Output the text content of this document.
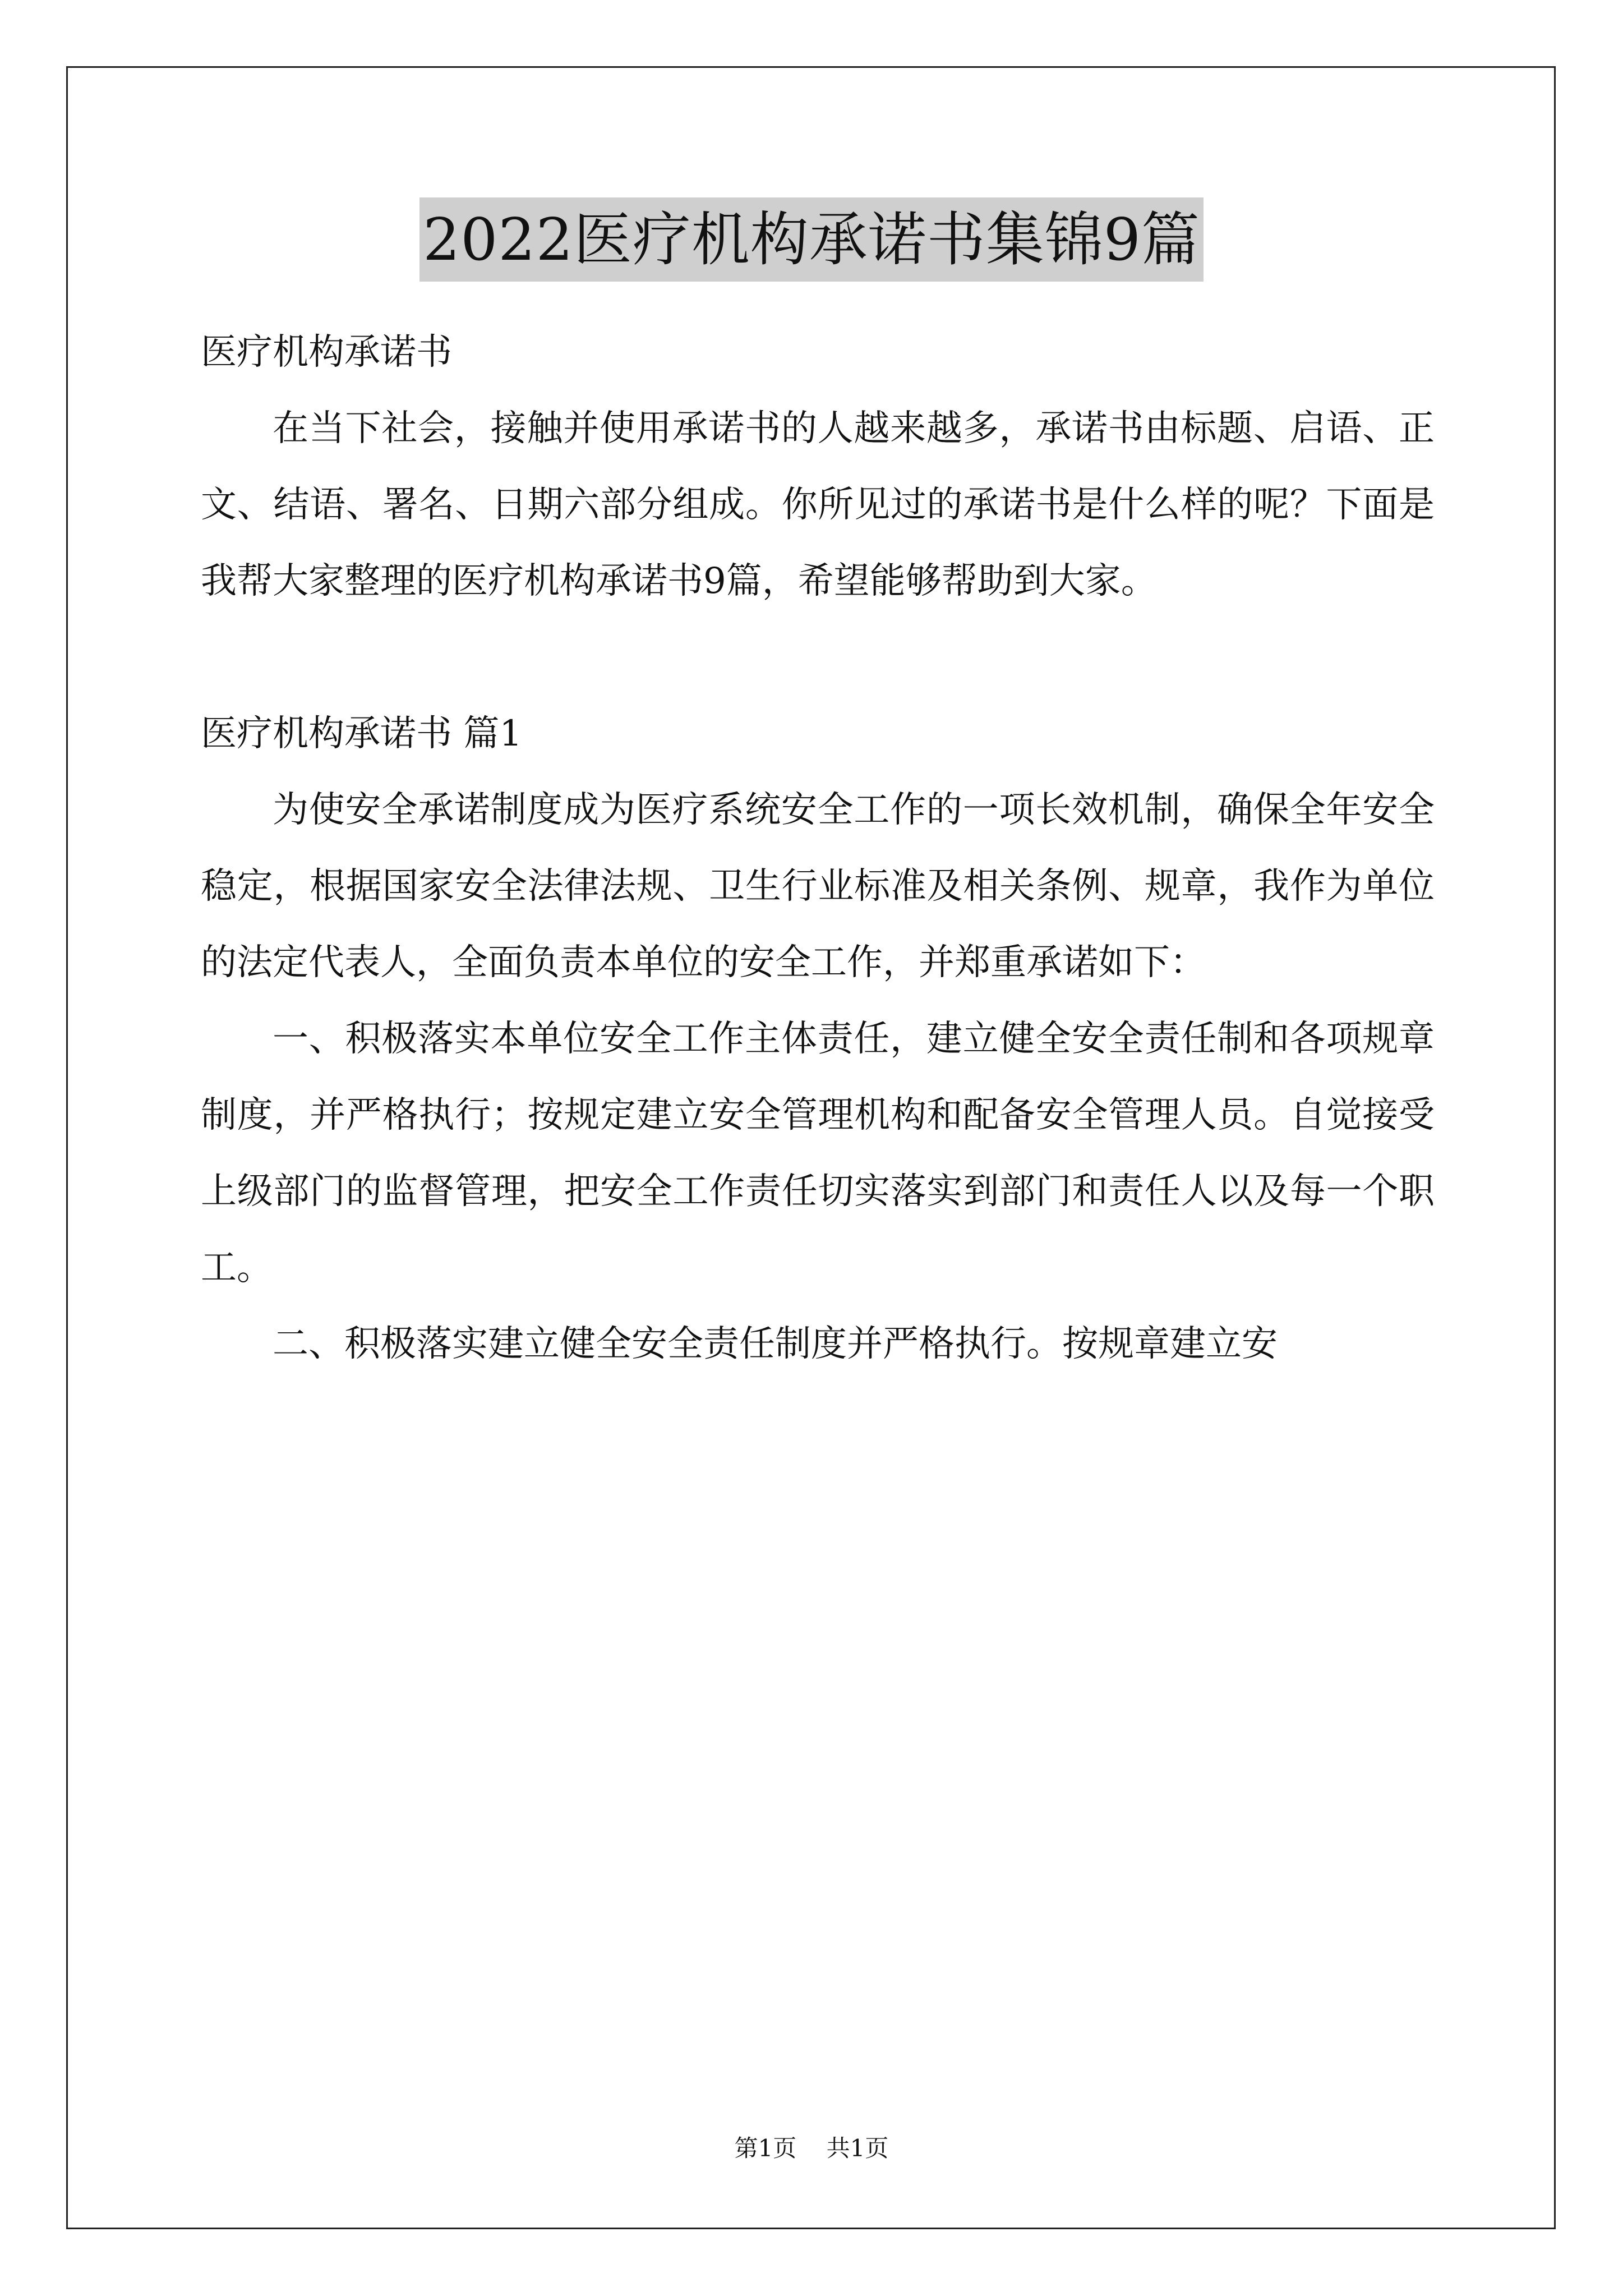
2022医疗机构承诺书集锦9篇

医疗机构承诺书

在当下社会，接触并使用承诺书的人越来越多，承诺书由标题、启语、正文、结语、署名、日期六部分组成。你所见过的承诺书是什么样的呢？下面是我帮大家整理的医疗机构承诺书9篇，希望能够帮助到大家。

医疗机构承诺书 篇1

为使安全承诺制度成为医疗系统安全工作的一项长效机制，确保全年安全稳定，根据国家安全法律法规、卫生行业标准及相关条例、规章，我作为单位的法定代表人，全面负责本单位的安全工作，并郑重承诺如下：

一、积极落实本单位安全工作主体责任，建立健全安全责任制和各项规章制度，并严格执行；按规定建立安全管理机构和配备安全管理人员。自觉接受上级部门的监督管理，把安全工作责任切实落实到部门和责任人以及每一个职工。

二、积极落实建立健全安全责任制度并严格执行。按规章建立安

第1页    共1页
